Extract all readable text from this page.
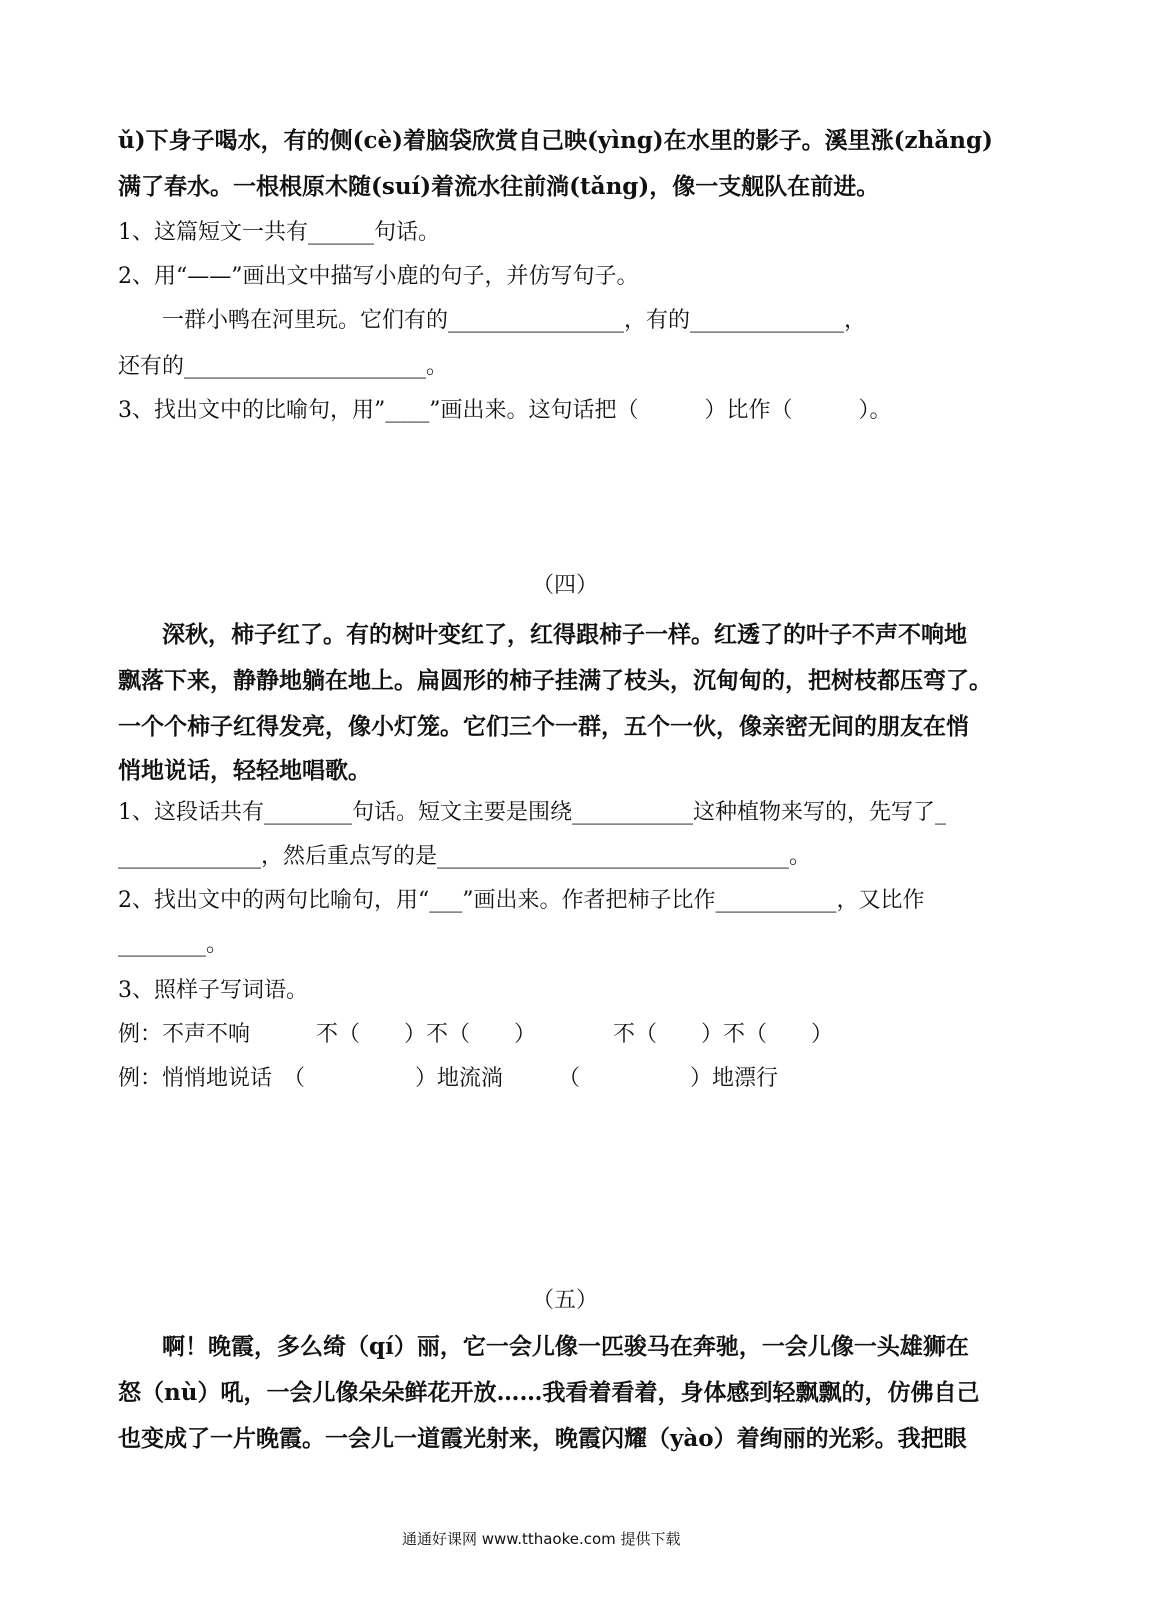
ǔ)下身子喝水，有的侧(cè)着脑袋欣赏自己映(yìng)在水里的影子。溪里涨(zhǎng)
满了春水。一根根原木随(suí)着流水往前淌(tǎng)，像一支舰队在前进。
1、这篇短文一共有______句话。
2、用“——”画出文中描写小鹿的句子，并仿写句子。
一群小鸭在河里玩。它们有的________________，有的______________，
还有的______________________。
3、找出文中的比喻句，用”____”画出来。这句话把（　　　）比作（　　　）。
（四）
深秋，柿子红了。有的树叶变红了，红得跟柿子一样。红透了的叶子不声不响地
飘落下来，静静地躺在地上。扁圆形的柿子挂满了枝头，沉甸甸的，把树枝都压弯了。
一个个柿子红得发亮，像小灯笼。它们三个一群，五个一伙，像亲密无间的朋友在悄
悄地说话，轻轻地唱歌。
1、这段话共有________句话。短文主要是围绕___________这种植物来写的，先写了_
_____________，然后重点写的是________________________________。
2、找出文中的两句比喻句，用“___”画出来。作者把柿子比作___________，又比作
________。
3、照样子写词语。
例：不声不响　　　不（　　）不（　　）　　　　不（　　）不（　　）
例：悄悄地说话　（　　　　　）地流淌　　　（　　　　　）地漂行
（五）
啊！晚霞，多么绮（qí）丽，它一会儿像一匹骏马在奔驰，一会儿像一头雄狮在
怒（nù）吼，一会儿像朵朵鲜花开放……我看着看着，身体感到轻飘飘的，仿佛自己
也变成了一片晚霞。一会儿一道霞光射来，晚霞闪耀（yào）着绚丽的光彩。我把眼
通通好课网 www.tthaoke.com 提供下载
